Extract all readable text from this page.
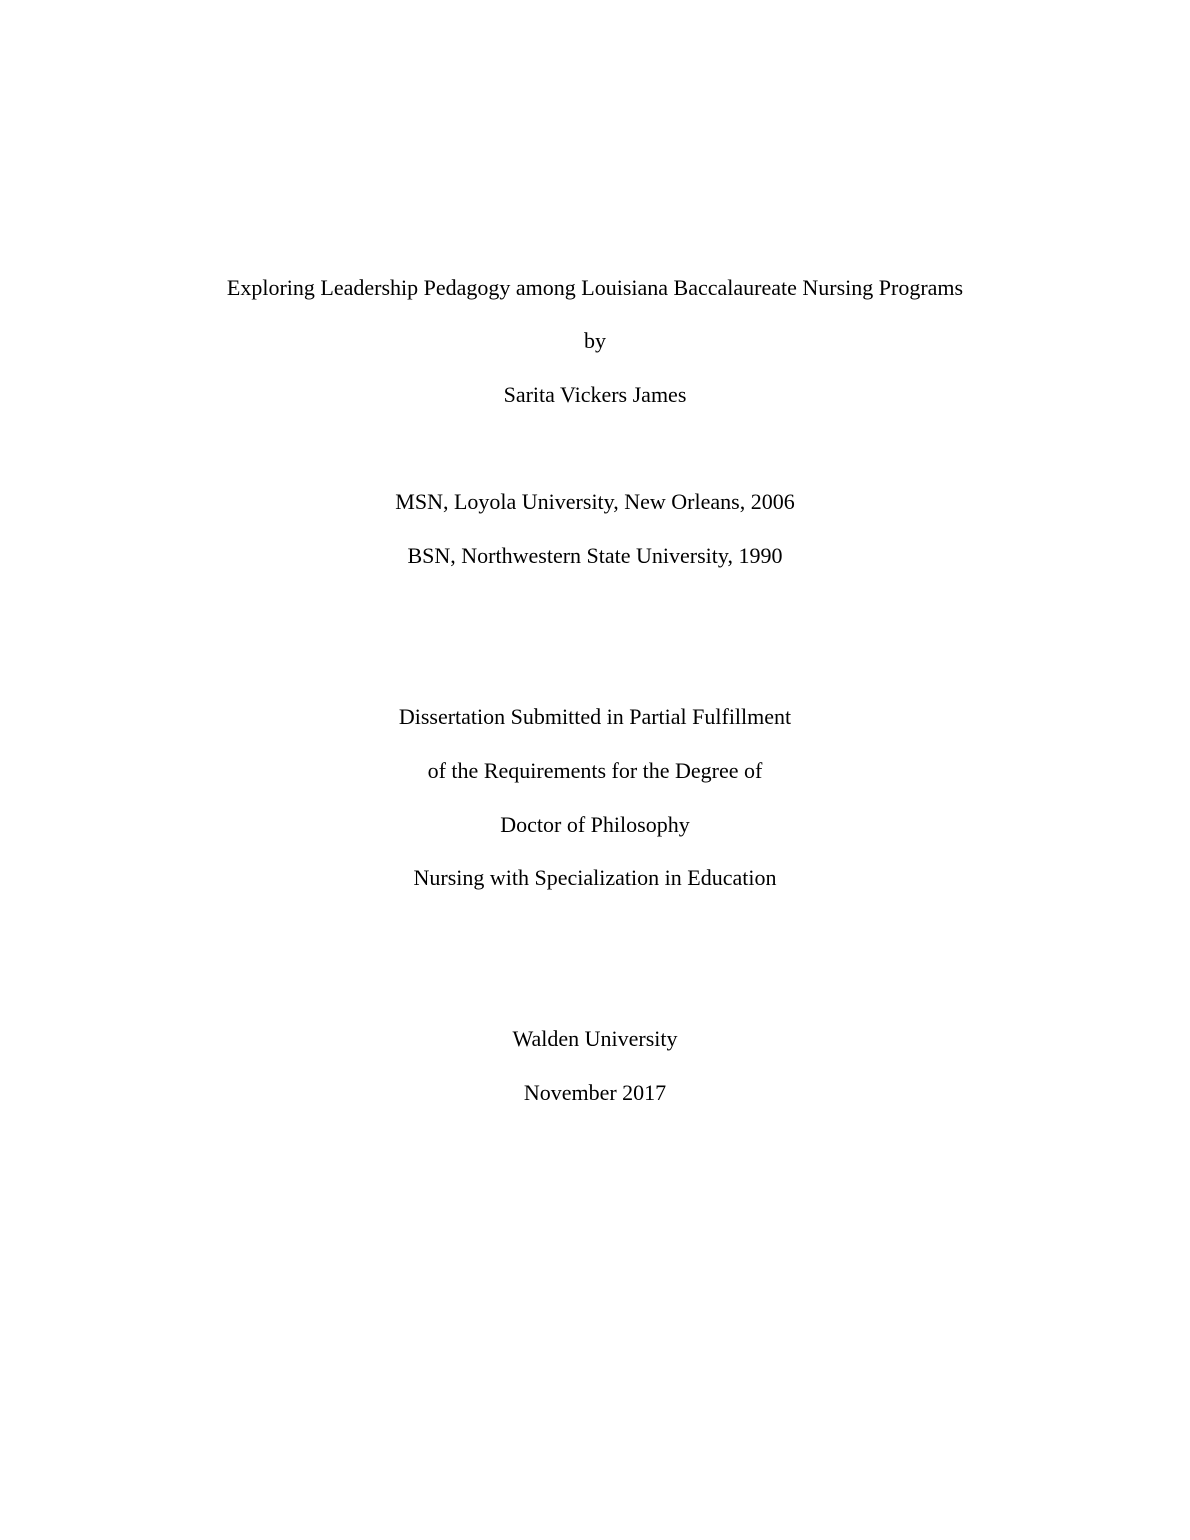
Exploring Leadership Pedagogy among Louisiana Baccalaureate Nursing Programs
by
Sarita Vickers James
MSN, Loyola University, New Orleans, 2006
BSN, Northwestern State University, 1990
Dissertation Submitted in Partial Fulfillment
of the Requirements for the Degree of
Doctor of Philosophy
Nursing with Specialization in Education
Walden University
November 2017
